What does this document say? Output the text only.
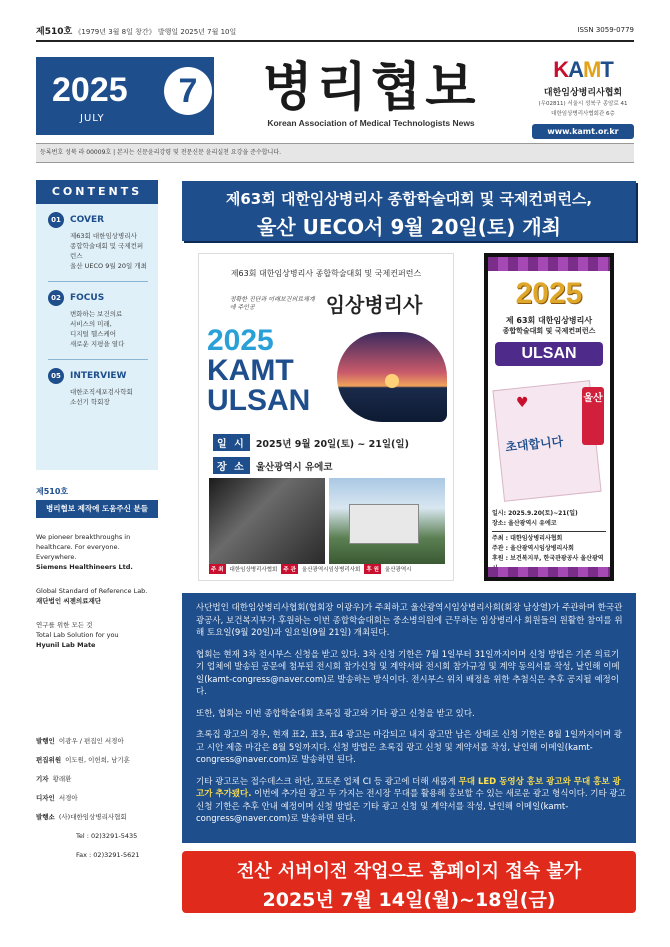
제510호 《1979년 3월 8일 창간》 발행일 2025년 7월 10일	ISSN 3059-0779
2025
JULY
7 병리협보
Korean Association of Medical Technologists News
KAMT
대한임상병리사협회
(우02811) 서울시 성북구 종암로 41
대한임상병리사협회관 6층
www.kamt.or.kr
등록번호 성북 라 00009호 | 본지는 신문윤리강령 및 전문신문 윤리실천 요강을 준수합니다.
CONTENTS
01	COVER
제63회 대한임상병리사
종합학술대회 및 국제컨퍼런스
울산 UECO 9월 20일 개최
02	FOCUS
변화하는 보건의료
서비스의 미래,
디지털 헬스케어
새로운 지평을 열다
05	INTERVIEW
대한조직세포검사학회
소선기 학회장
제510호
병리협보 제작에 도움주신 분들
We pioneer breakthroughs in
healthcare. For everyone. Everywhere.
Siemens Healthineers Ltd.
Global Standard of Reference Lab.
재단법인 씨젠의료재단
연구를 위한 모든 것
Total Lab Solution for you
Hyunil Lab Mate
발행인 이광우 / 편집인 서경아
편집위원 이도원, 이헌희, 남기훈
기자 황래환
디자인 서경아
발행소 (사)대한임상병리사협회
Tel : 02)3291-5435
Fax : 02)3291-5621
제63회 대한임상병리사 종합학술대회 및 국제컨퍼런스,
울산 UECO서 9월 20일(토) 개최
제63회 대한임상병리사 종합학술대회 및 국제컨퍼런스
정확한 진단과 미래보건의료체계에 주인공	임상병리사
2025
KAMT
ULSAN
일 시	2025년 9월 20일(토) ~ 21일(일)
장 소	울산광역시 유에코
주 최	대한임상병리사협회	주 관	울산광역시임상병리사회	후 원	울산광역시
2025
제 63회 대한임상병리사
종합학술대회 및 국제컨퍼런스
ULSAN
초대합니다
♥	울산
일시: 2025.9.20(토)~21(일)
장소: 울산광역시 유에코
주최 : 대한임상병리사협회
주관 : 울산광역시임상병리사회
후원 : 보건복지부, 한국관광공사 울산광역

사단법인 대한임상병리사협회(협회장 이광우)가 주최하고 울산광역시임상병리사회(회장 남상열)가 주관하며 한국관광공사, 보건복지부가 후원하는 이번 종합학술대회는 중소병의원에 근무하는 임상병리사 회원들의 원활한 참여를 위해 토요일(9월 20일)과 일요일(9월 21일) 개최된다.

협회는 현재 3차 전시부스 신청을 받고 있다. 3차 신청 기한은 7월 1일부터 31일까지이며 신청 방법은 기존 의료기기 업체에 발송된 공문에 첨부된 전시회 참가신청 및 계약서와 전시회 참가규정 및 계약 동의서를 작성, 날인해 이메일(kamt-congress@naver.com)로 발송하는 방식이다. 전시부스 위치 배정을 위한 추첨식은 추후 공지될 예정이다.

또한, 협회는 이번 종합학술대회 초록집 광고와 기타 광고 신청을 받고 있다.

초록집 광고의 경우, 현재 표2, 표3, 표4 광고는 마감되고 내지 광고만 남은 상태로 신청 기한은 8월 1일까지이며 광고 시안 제출 마감은 8월 5일까지다. 신청 방법은 초록집 광고 신청 및 계약서를 작성, 날인해 이메일(kamt-congress@naver.com)로 발송하면 된다.

기타 광고로는 접수데스크 하단, 포토존 업체 CI 등 광고에 더해 새롭게 무대 LED 동영상 홍보 광고와 무대 홍보 광고가 추가됐다. 이번에 추가된 광고 두 가지는 전시장 무대를 활용해 홍보할 수 있는 새로운 광고 형식이다. 기타 광고 신청 기한은 추후 안내 예정이며 신청 방법은 기타 광고 신청 및 계약서를 작성, 날인해 이메일(kamt-congress@naver.com)로 발송하면 된다.

전산 서버이전 작업으로 홈페이지 접속 불가
2025년 7월 14일(월)~18일(금)
